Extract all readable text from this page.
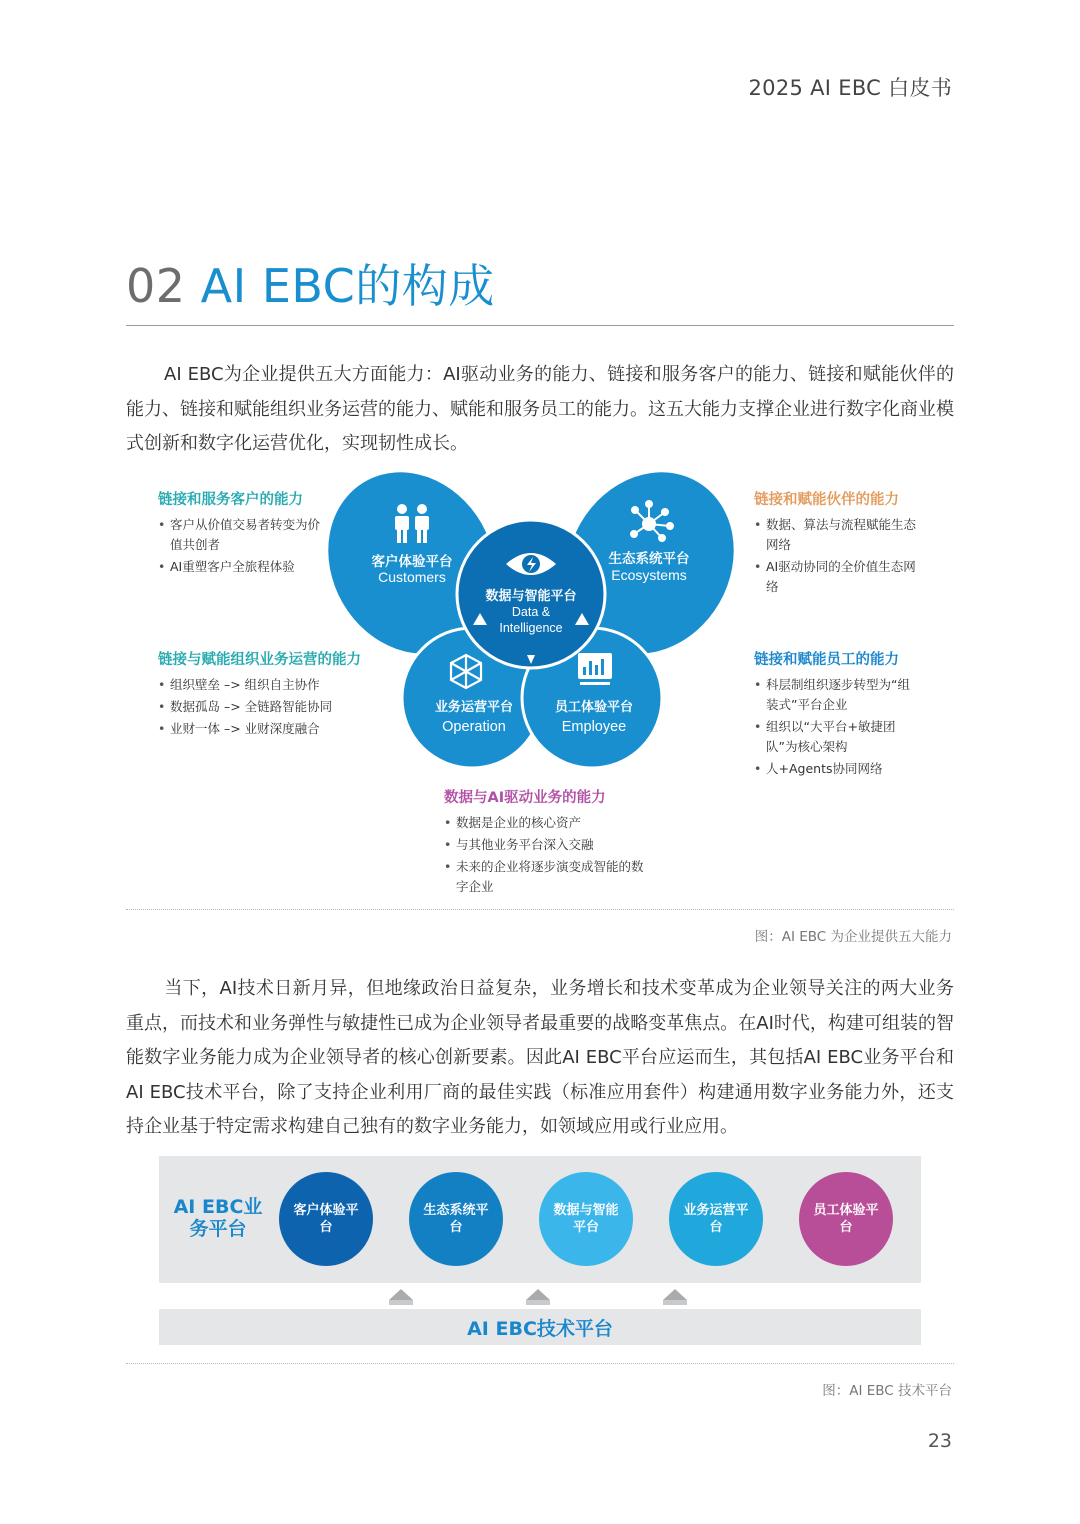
2025 AI EBC 白皮书
02 AI EBC的构成

AI EBC为企业提供五大方面能力：AI驱动业务的能力、链接和服务客户的能力、链接和赋能伙伴的能力、链接和赋能组织业务运营的能力、赋能和服务员工的能力。这五大能力支撑企业进行数字化商业模式创新和数字化运营优化，实现韧性成长。

客户体验平台
Customers
生态系统平台
Ecosystems
数据与智能平台
Data &
Intelligence
业务运营平台
Operation
员工体验平台
Employee
链接和服务客户的能力
• 客户从价值交易者转变为价值共创者
• AI重塑客户全旅程体验
链接和赋能伙伴的能力
• 数据、算法与流程赋能生态网络
• AI驱动协同的全价值生态网络
链接与赋能组织业务运营的能力
• 组织壁垒 –> 组织自主协作
• 数据孤岛 –> 全链路智能协同
• 业财一体 –> 业财深度融合
链接和赋能员工的能力
• 科层制组织逐步转型为“组装式”平台企业
• 组织以“大平台+敏捷团队”为核心架构
• 人+Agents协同网络
数据与AI驱动业务的能力
• 数据是企业的核心资产
• 与其他业务平台深入交融
• 未来的企业将逐步演变成智能的数字企业
图：AI EBC 为企业提供五大能力

当下，AI技术日新月异，但地缘政治日益复杂，业务增长和技术变革成为企业领导关注的两大业务重点，而技术和业务弹性与敏捷性已成为企业领导者最重要的战略变革焦点。在AI时代，构建可组装的智能数字业务能力成为企业领导者的核心创新要素。因此AI EBC平台应运而生，其包括AI EBC业务平台和AI EBC技术平台，除了支持企业利用厂商的最佳实践（标准应用套件）构建通用数字业务能力外，还支持企业基于特定需求构建自己独有的数字业务能力，如领域应用或行业应用。

AI EBC业务平台
客户体验平台
生态系统平台
数据与智能平台
业务运营平台
员工体验平台
AI EBC技术平台
图：AI EBC 技术平台
23
